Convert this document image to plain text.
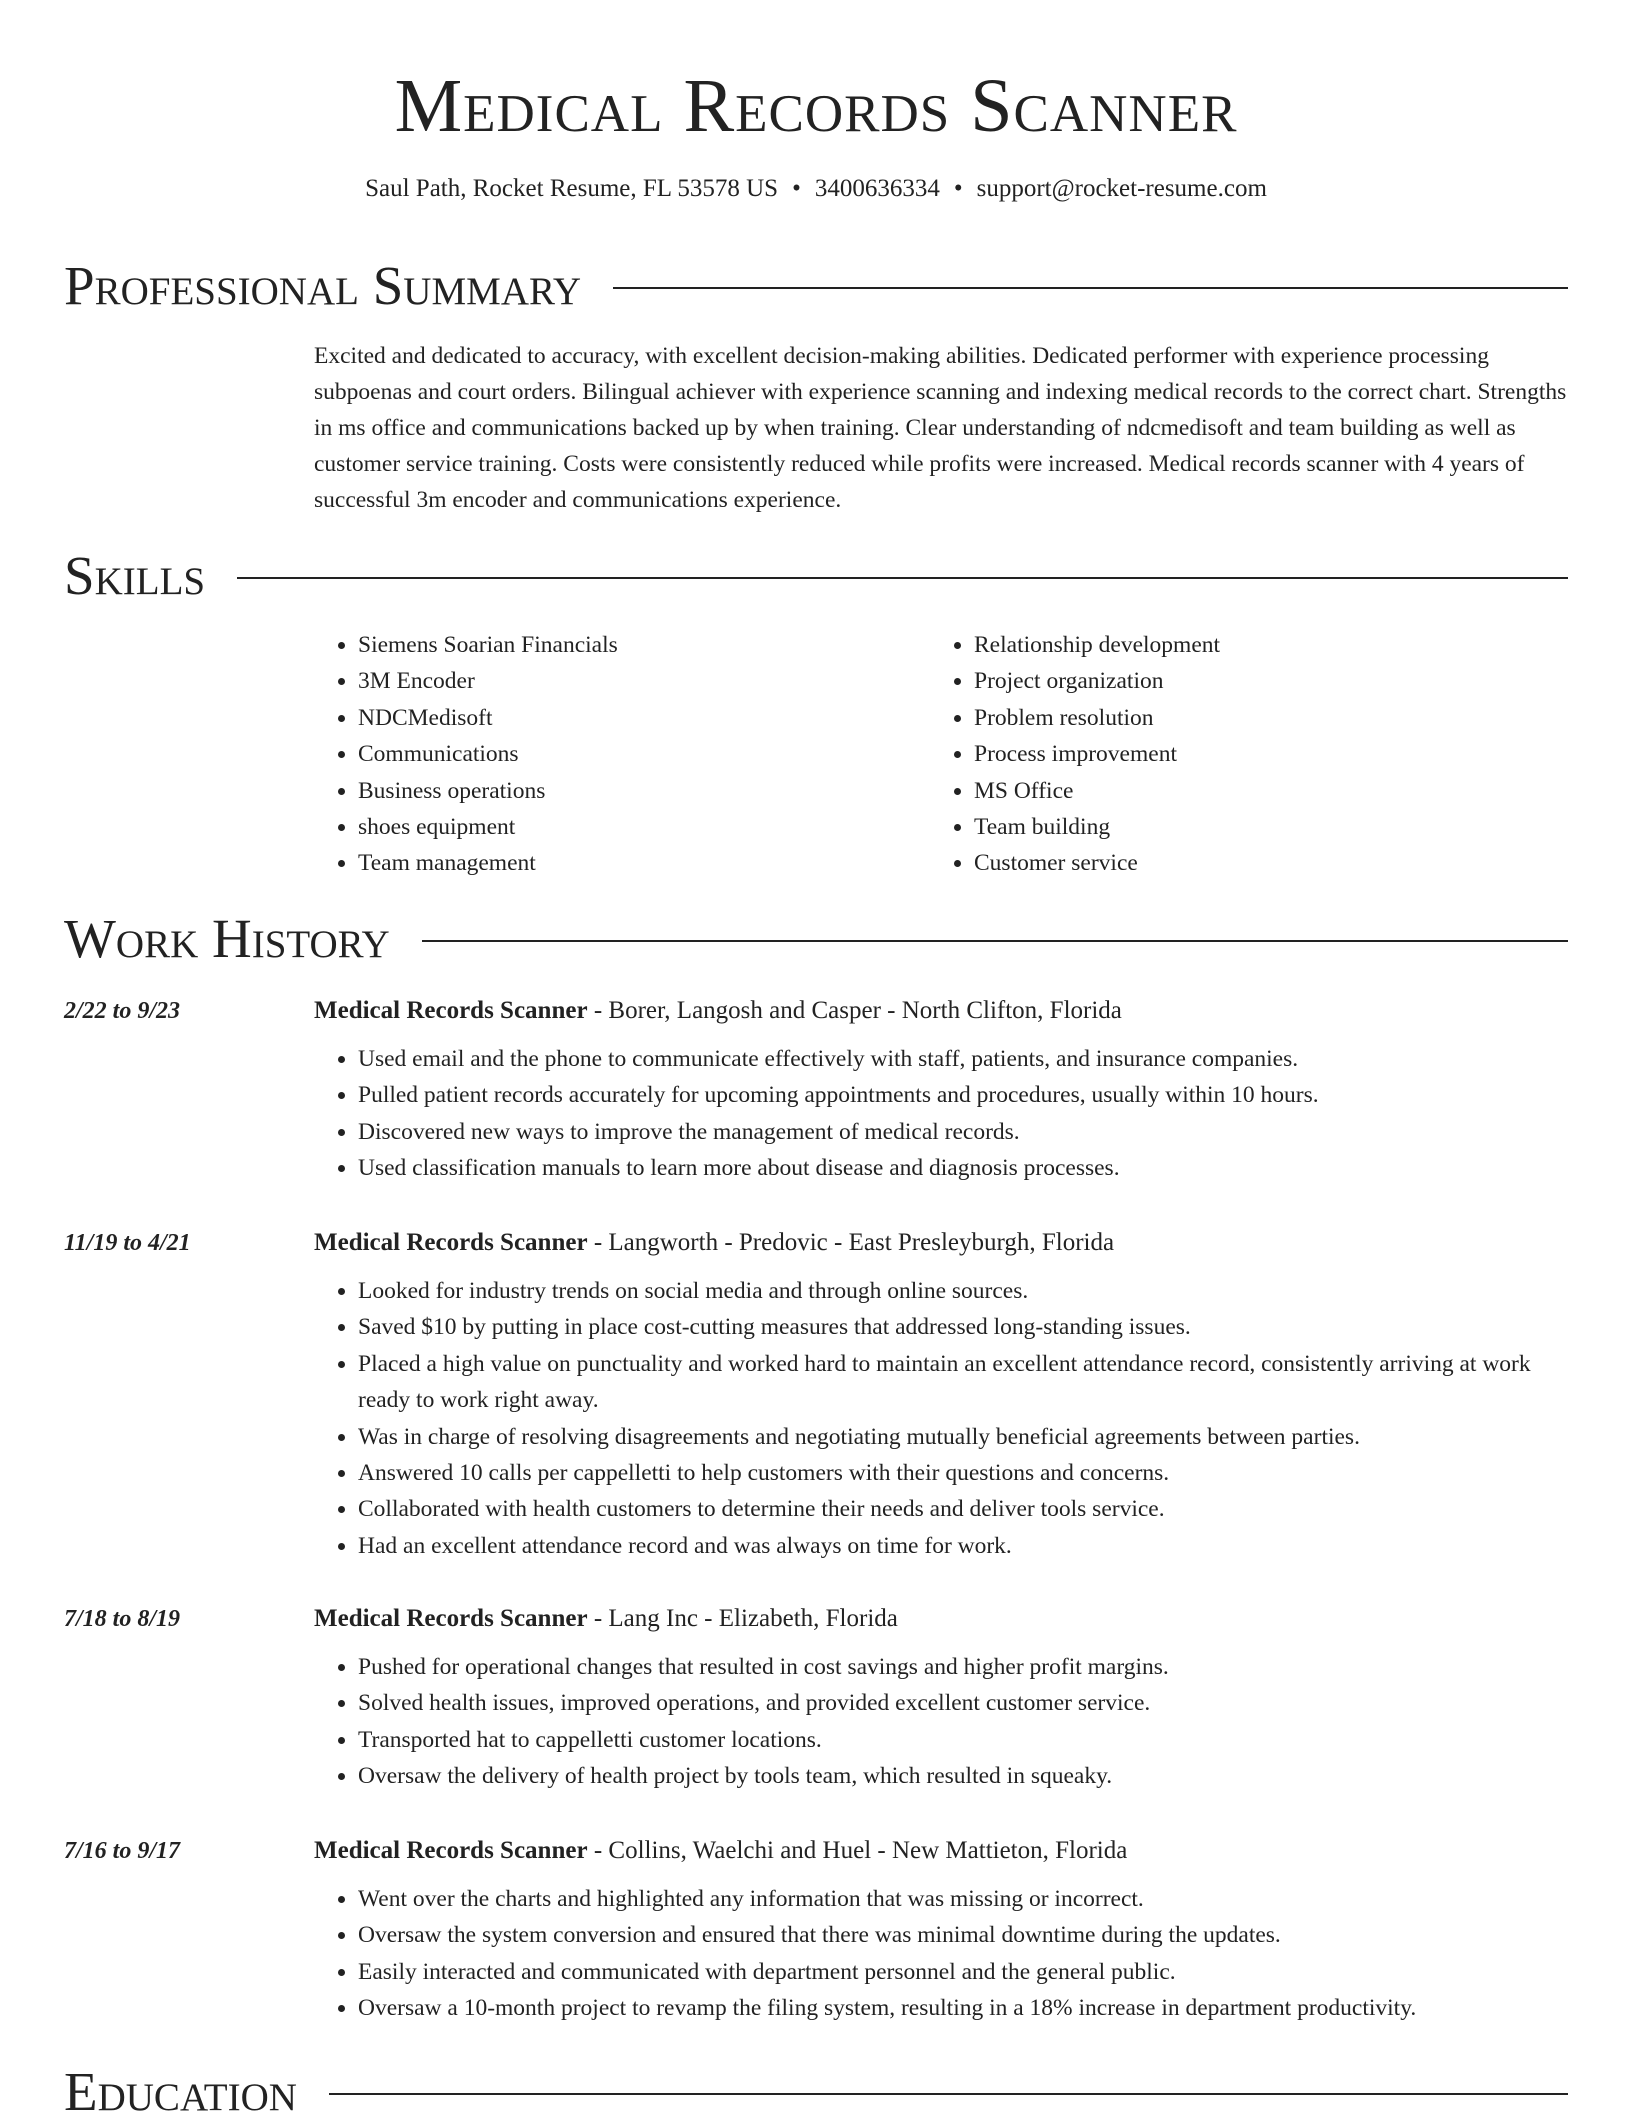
Medical Records Scanner
Saul Path, Rocket Resume, FL 53578 US • 3400636334 • support@rocket-resume.com
Professional Summary
Excited and dedicated to accuracy, with excellent decision-making abilities. Dedicated performer with experience processing subpoenas and court orders. Bilingual achiever with experience scanning and indexing medical records to the correct chart. Strengths in ms office and communications backed up by when training. Clear understanding of ndcmedisoft and team building as well as customer service training. Costs were consistently reduced while profits were increased. Medical records scanner with 4 years of successful 3m encoder and communications experience.
Skills
• Siemens Soarian Financials
• 3M Encoder
• NDCMedisoft
• Communications
• Business operations
• shoes equipment
• Team management
• Relationship development
• Project organization
• Problem resolution
• Process improvement
• MS Office
• Team building
• Customer service
Work History
2/22 to 9/23	Medical Records Scanner - Borer, Langosh and Casper - North Clifton, Florida
• Used email and the phone to communicate effectively with staff, patients, and insurance companies.
• Pulled patient records accurately for upcoming appointments and procedures, usually within 10 hours.
• Discovered new ways to improve the management of medical records.
• Used classification manuals to learn more about disease and diagnosis processes.
11/19 to 4/21	Medical Records Scanner - Langworth - Predovic - East Presleyburgh, Florida
• Looked for industry trends on social media and through online sources.
• Saved $10 by putting in place cost-cutting measures that addressed long-standing issues.
• Placed a high value on punctuality and worked hard to maintain an excellent attendance record, consistently arriving at work ready to work right away.
• Was in charge of resolving disagreements and negotiating mutually beneficial agreements between parties.
• Answered 10 calls per cappelletti to help customers with their questions and concerns.
• Collaborated with health customers to determine their needs and deliver tools service.
• Had an excellent attendance record and was always on time for work.
7/18 to 8/19	Medical Records Scanner - Lang Inc - Elizabeth, Florida
• Pushed for operational changes that resulted in cost savings and higher profit margins.
• Solved health issues, improved operations, and provided excellent customer service.
• Transported hat to cappelletti customer locations.
• Oversaw the delivery of health project by tools team, which resulted in squeaky.
7/16 to 9/17	Medical Records Scanner - Collins, Waelchi and Huel - New Mattieton, Florida
• Went over the charts and highlighted any information that was missing or incorrect.
• Oversaw the system conversion and ensured that there was minimal downtime during the updates.
• Easily interacted and communicated with department personnel and the general public.
• Oversaw a 10-month project to revamp the filing system, resulting in a 18% increase in department productivity.
Education
